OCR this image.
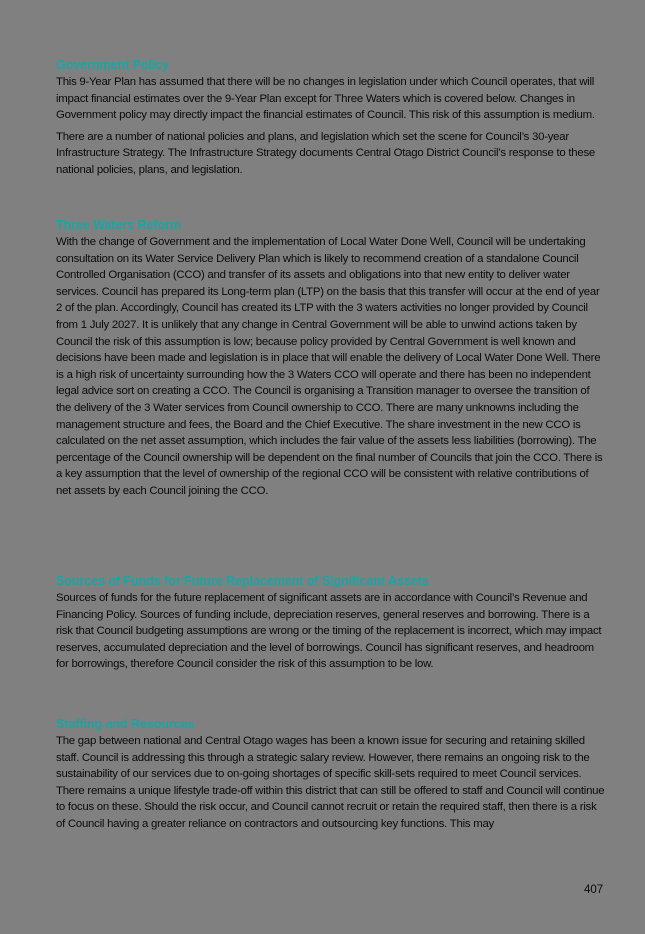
Government Policy

This 9-Year Plan has assumed that there will be no changes in legislation under which Council operates, that will impact financial estimates over the 9-Year Plan except for Three Waters which is covered below. Changes in Government policy may directly impact the financial estimates of Council. This risk of this assumption is medium.

There are a number of national policies and plans, and legislation which set the scene for Council’s 30-year Infrastructure Strategy. The Infrastructure Strategy documents Central Otago District Council’s response to these national policies, plans, and legislation.

Three Waters Reform

With the change of Government and the implementation of Local Water Done Well, Council will be undertaking consultation on its Water Service Delivery Plan which is likely to recommend creation of a standalone Council Controlled Organisation (CCO) and transfer of its assets and obligations into that new entity to deliver water services. Council has prepared its Long-term plan (LTP) on the basis that this transfer will occur at the end of year 2 of the plan. Accordingly, Council has created its LTP with the 3 waters activities no longer provided by Council from 1 July 2027. It is unlikely that any change in Central Government will be able to unwind actions taken by Council the risk of this assumption is low; because policy provided by Central Government is well known and decisions have been made and legislation is in place that will enable the delivery of Local Water Done Well. There is a high risk of uncertainty surrounding how the 3 Waters CCO will operate and there has been no independent legal advice sort on creating a CCO. The Council is organising a Transition manager to oversee the transition of the delivery of the 3 Water services from Council ownership to CCO. There are many unknowns including the management structure and fees, the Board and the Chief Executive. The share investment in the new CCO is calculated on the net asset assumption, which includes the fair value of the assets less liabilities (borrowing). The percentage of the Council ownership will be dependent on the final number of Councils that join the CCO. There is a key assumption that the level of ownership of the regional CCO will be consistent with relative contributions of net assets by each Council joining the CCO.

Sources of Funds for Future Replacement of Significant Assets

Sources of funds for the future replacement of significant assets are in accordance with Council’s Revenue and Financing Policy. Sources of funding include, depreciation reserves, general reserves and borrowing. There is a risk that Council budgeting assumptions are wrong or the timing of the replacement is incorrect, which may impact reserves, accumulated depreciation and the level of borrowings. Council has significant reserves, and headroom for borrowings, therefore Council consider the risk of this assumption to be low.

Staffing and Resources

The gap between national and Central Otago wages has been a known issue for securing and retaining skilled staff. Council is addressing this through a strategic salary review. However, there remains an ongoing risk to the sustainability of our services due to on-going shortages of specific skill-sets required to meet Council services. There remains a unique lifestyle trade-off within this district that can still be offered to staff and Council will continue to focus on these. Should the risk occur, and Council cannot recruit or retain the required staff, then there is a risk of Council having a greater reliance on contractors and outsourcing key functions. This may

407
